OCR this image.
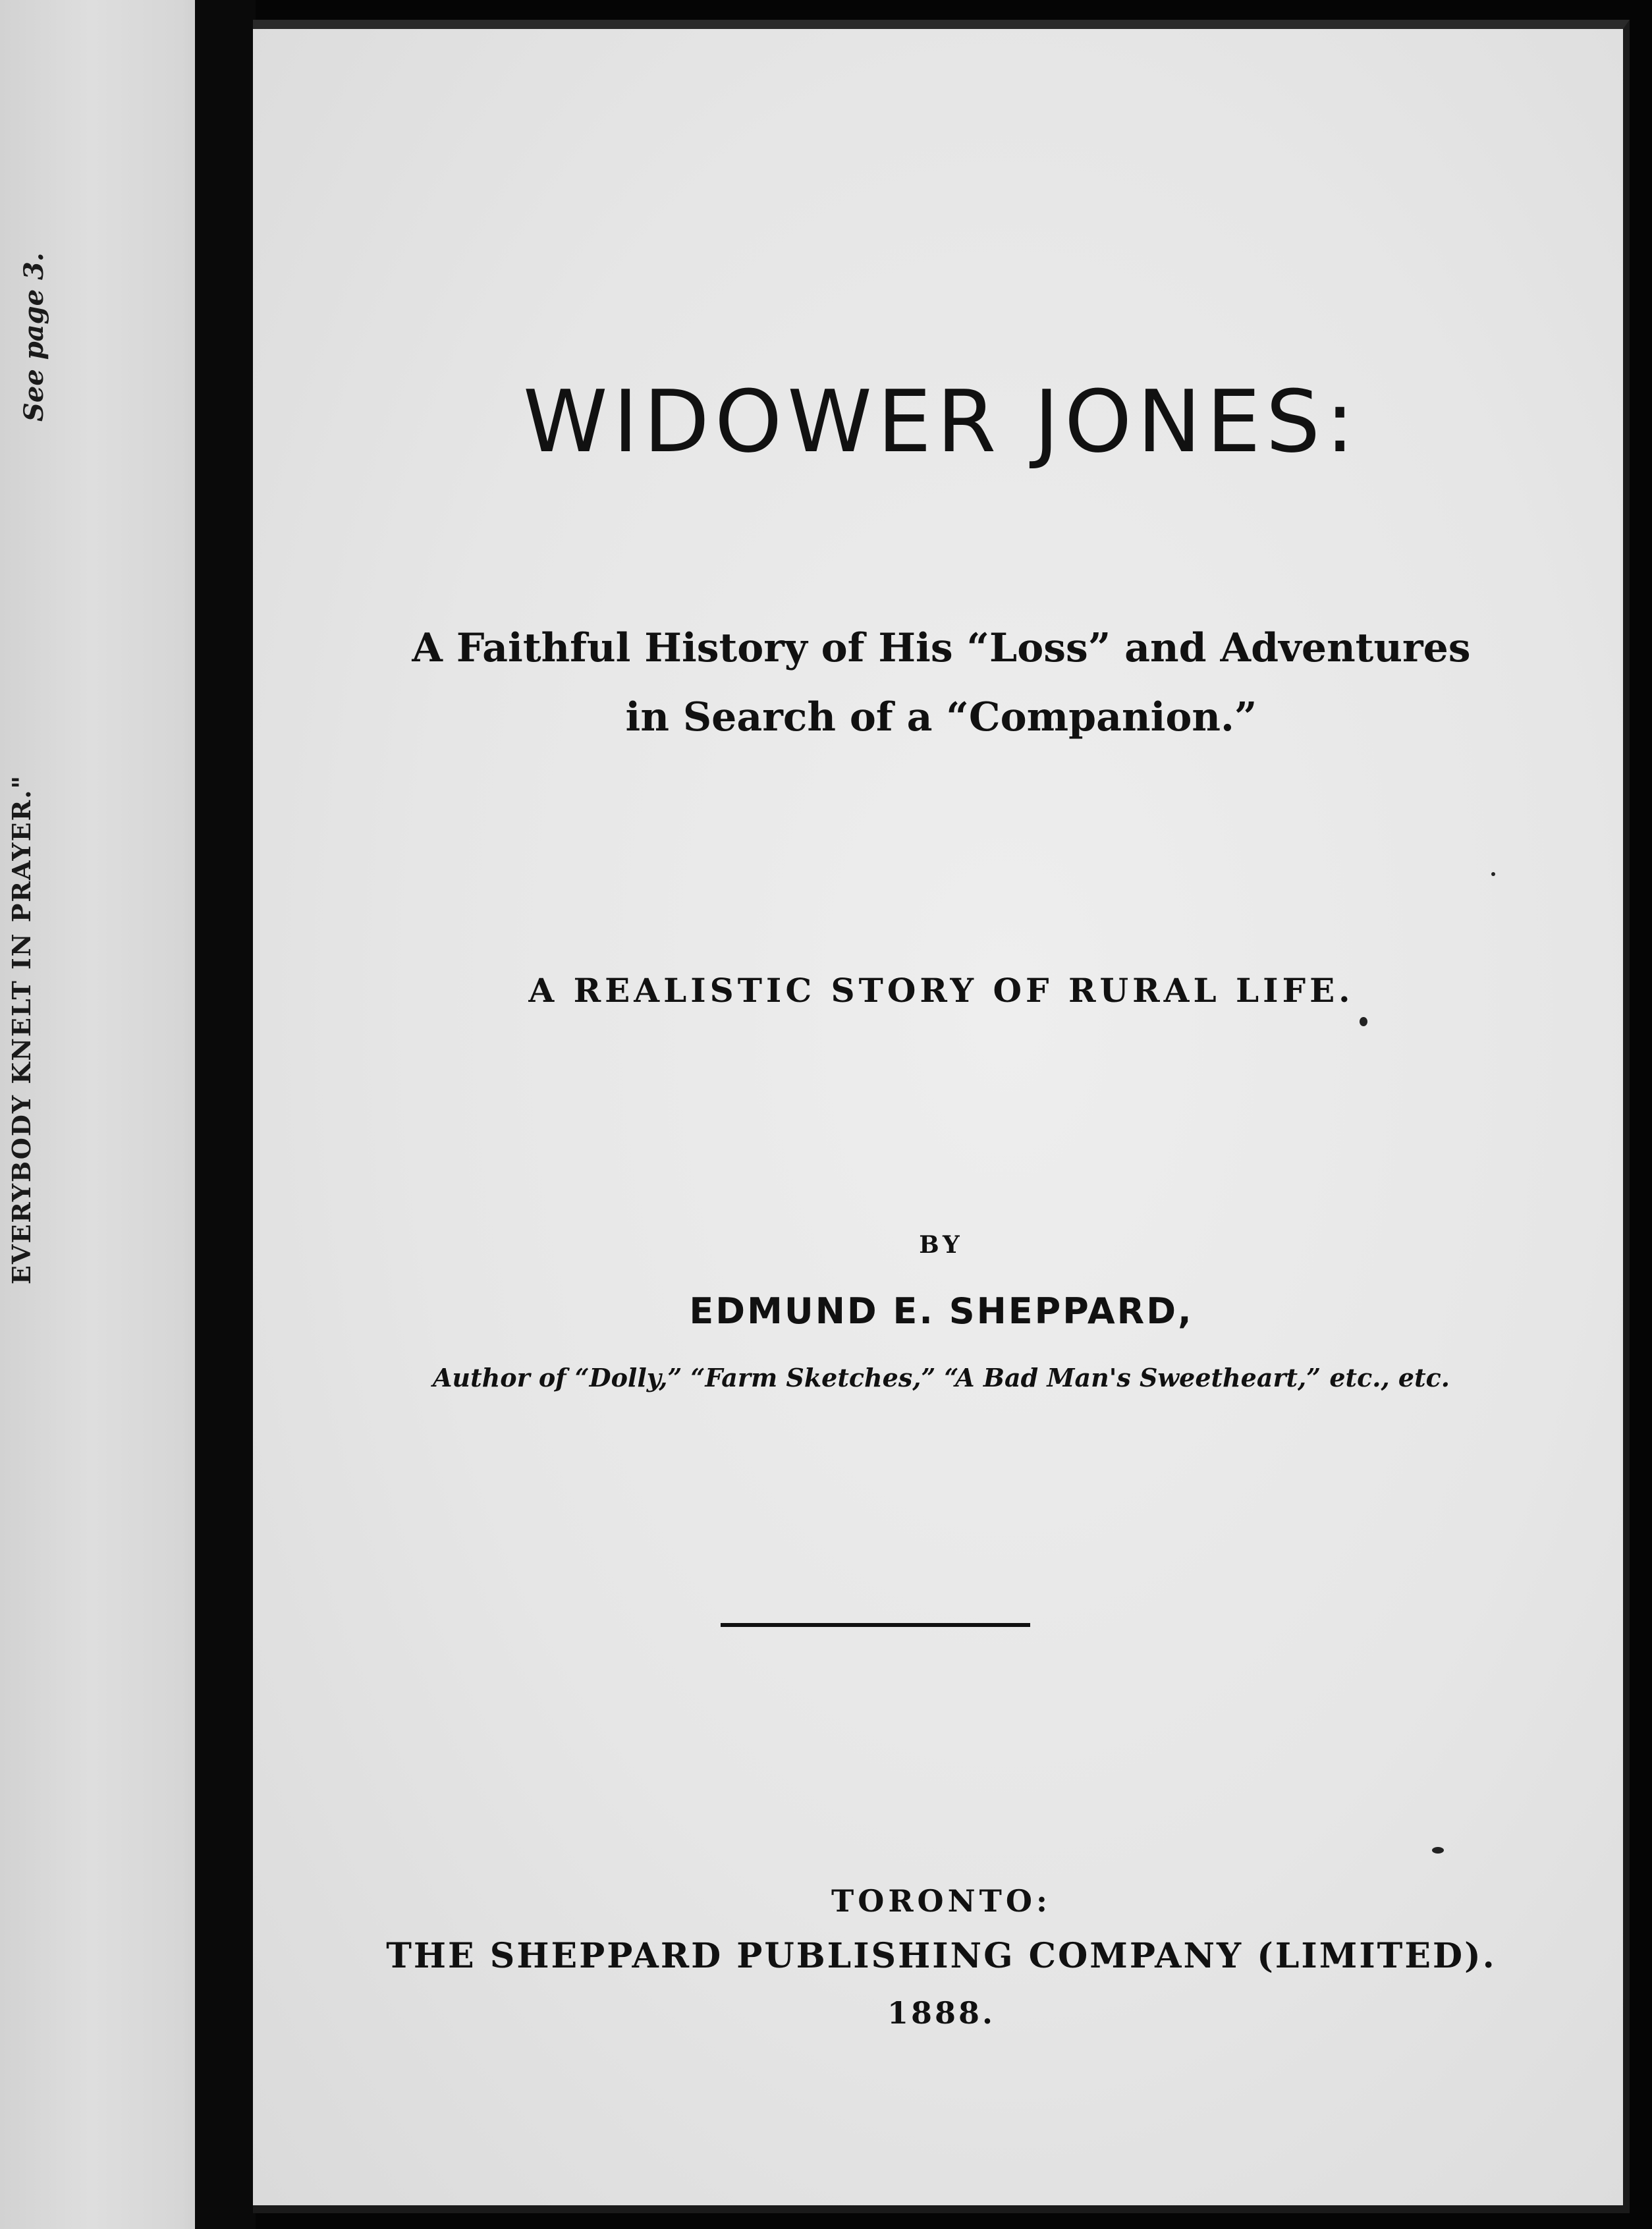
See page 3.
EVERYBODY KNELT IN PRAYER."
WIDOWER JONES:
A Faithful History of His “Loss” and Adventures
in Search of a “Companion.”
A REALISTIC STORY OF RURAL LIFE.
BY
EDMUND E. SHEPPARD,
Author of “Dolly,” “Farm Sketches,” “A Bad Man's Sweetheart,” etc., etc.
TORONTO:
THE SHEPPARD PUBLISHING COMPANY (LIMITED).
1888.
